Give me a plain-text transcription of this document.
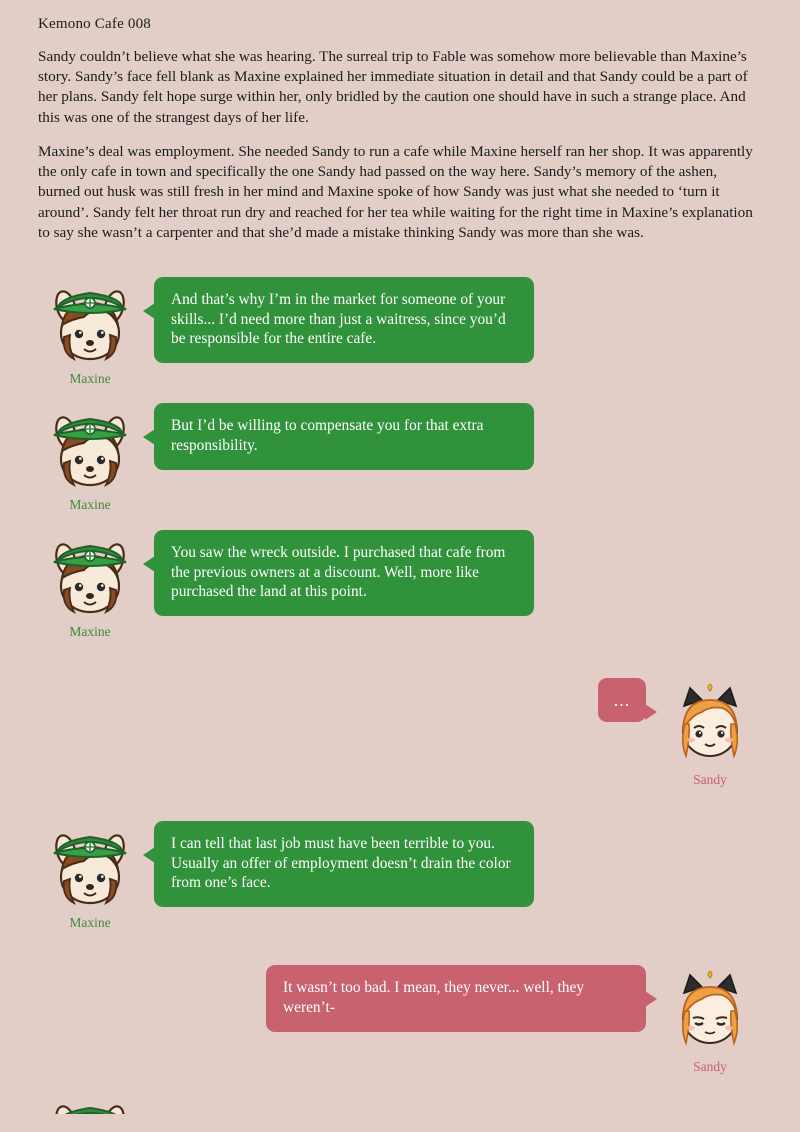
Kemono Cafe 008

Sandy couldn’t believe what she was hearing. The surreal trip to Fable was somehow more believable than Maxine’s story. Sandy’s face fell blank as Maxine explained her immediate situation in detail and that Sandy could be a part of her plans. Sandy felt hope surge within her, only bridled by the caution one should have in such a strange place. And this was one of the strangest days of her life.

Maxine’s deal was employment. She needed Sandy to run a cafe while Maxine herself ran her shop. It was apparently the only cafe in town and specifically the one Sandy had passed on the way here. Sandy’s memory of the ashen, burned out husk was still fresh in her mind and Maxine spoke of how Sandy was just what she needed to ‘turn it around’. Sandy felt her throat run dry and reached for her tea while waiting for the right time in Maxine’s explanation to say she wasn’t a carpenter and that she’d made a mistake thinking Sandy was more than she was.

Maxine
And that’s why I’m in the market for someone of your skills... I’d need more than just a waitress, since you’d be responsible for the entire cafe.
Maxine
But I’d be willing to compensate you for that extra responsibility.
Maxine
You saw the wreck outside. I purchased that cafe from the previous owners at a discount. Well, more like purchased the land at this point.
...
Sandy
Maxine
I can tell that last job must have been terrible to you. Usually an offer of employment doesn’t drain the color from one’s face.
It wasn’t too bad. I mean, they never... well, they weren’t-
Sandy
